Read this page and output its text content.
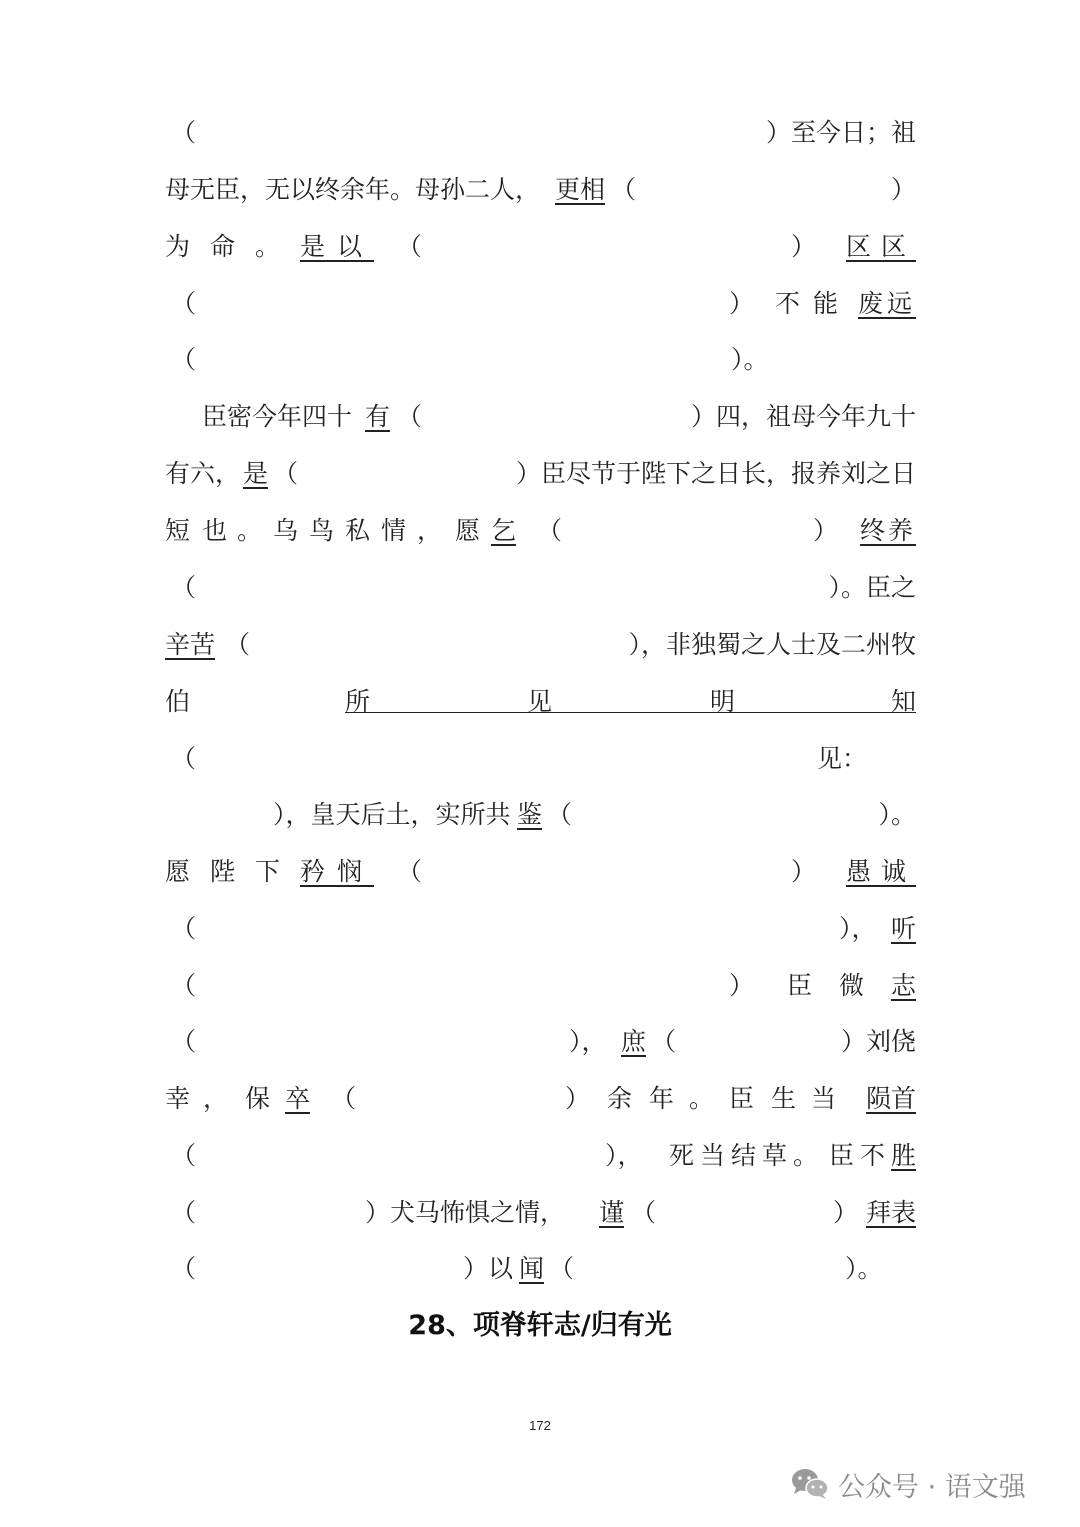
（	）至今日；祖
母无臣，无以终余年。母孙二人， 更相 （	）
为 命 。 是以 （	） 区区
（	） 不 能 废远
（	）。
臣密今年四十 有 （	）四，祖母今年九十
有六， 是 （	）臣尽节于陛下之日长，报养刘之日
短 也 。 乌 鸟 私 情 ， 愿 乞 （	） 终养
（	）。臣之
辛苦 （	），非独蜀之人士及二州牧
伯	所	见	明	知
（	见：
），皇天后土，实所共 鉴 （	）。
愿 陛 下 矜悯 （	） 愚诚
（	）， 听
（	） 臣 微 志
（	）， 庶 （	）刘侥
幸 ， 保 卒 （	） 余 年 。 臣 生 当 陨首
（	）， 死 当 结 草 。 臣 不 胜
（	）犬马怖惧之情， 谨 （	） 拜表
（	）以 闻 （	）。
28、项脊轩志/归有光
172
公众号 · 语文强
